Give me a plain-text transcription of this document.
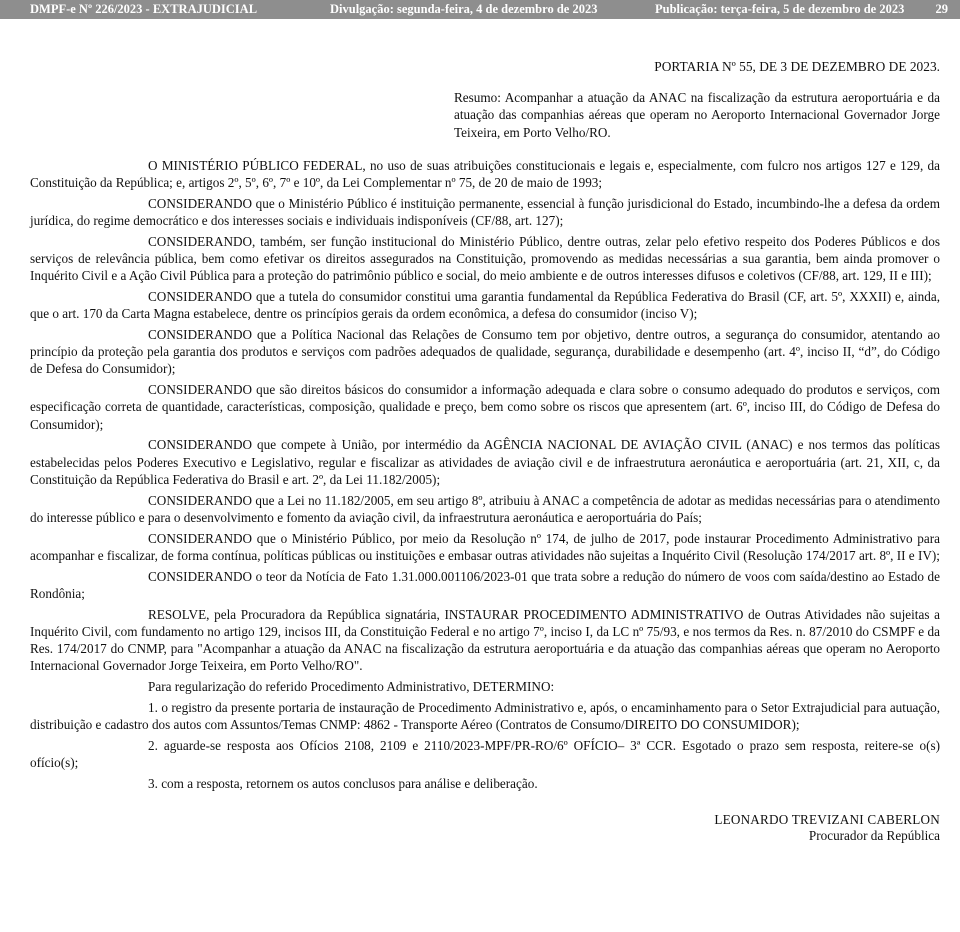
DMPF-e Nº 226/2023 - EXTRAJUDICIAL	Divulgação: segunda-feira, 4 de dezembro de 2023	Publicação: terça-feira, 5 de dezembro de 2023	29
PORTARIA Nº 55, DE 3 DE DEZEMBRO DE 2023.
Resumo: Acompanhar a atuação da ANAC na fiscalização da estrutura aeroportuária e da atuação das companhias aéreas que operam no Aeroporto Internacional Governador Jorge Teixeira, em Porto Velho/RO.

O MINISTÉRIO PÚBLICO FEDERAL, no uso de suas atribuições constitucionais e legais e, especialmente, com fulcro nos artigos 127 e 129, da Constituição da República; e, artigos 2º, 5º, 6º, 7º e 10º, da Lei Complementar nº 75, de 20 de maio de 1993;

CONSIDERANDO que o Ministério Público é instituição permanente, essencial à função jurisdicional do Estado, incumbindo-lhe a defesa da ordem jurídica, do regime democrático e dos interesses sociais e individuais indisponíveis (CF/88, art. 127);

CONSIDERANDO, também, ser função institucional do Ministério Público, dentre outras, zelar pelo efetivo respeito dos Poderes Públicos e dos serviços de relevância pública, bem como efetivar os direitos assegurados na Constituição, promovendo as medidas necessárias a sua garantia, bem ainda promover o Inquérito Civil e a Ação Civil Pública para a proteção do patrimônio público e social, do meio ambiente e de outros interesses difusos e coletivos (CF/88, art. 129, II e III);

CONSIDERANDO que a tutela do consumidor constitui uma garantia fundamental da República Federativa do Brasil (CF, art. 5º, XXXII) e, ainda, que o art. 170 da Carta Magna estabelece, dentre os princípios gerais da ordem econômica, a defesa do consumidor (inciso V);

CONSIDERANDO que a Política Nacional das Relações de Consumo tem por objetivo, dentre outros, a segurança do consumidor, atentando ao princípio da proteção pela garantia dos produtos e serviços com padrões adequados de qualidade, segurança, durabilidade e desempenho (art. 4º, inciso II, “d”, do Código de Defesa do Consumidor);

CONSIDERANDO que são direitos básicos do consumidor a informação adequada e clara sobre o consumo adequado do produtos e serviços, com especificação correta de quantidade, características, composição, qualidade e preço, bem como sobre os riscos que apresentem (art. 6º, inciso III, do Código de Defesa do Consumidor);

CONSIDERANDO que compete à União, por intermédio da AGÊNCIA NACIONAL DE AVIAÇÃO CIVIL (ANAC) e nos termos das políticas estabelecidas pelos Poderes Executivo e Legislativo, regular e fiscalizar as atividades de aviação civil e de infraestrutura aeronáutica e aeroportuária (art. 21, XII, c, da Constituição da República Federativa do Brasil e art. 2º, da Lei 11.182/2005);

CONSIDERANDO que a Lei no 11.182/2005, em seu artigo 8º, atribuiu à ANAC a competência de adotar as medidas necessárias para o atendimento do interesse público e para o desenvolvimento e fomento da aviação civil, da infraestrutura aeronáutica e aeroportuária do País;

CONSIDERANDO que o Ministério Público, por meio da Resolução nº 174, de julho de 2017, pode instaurar Procedimento Administrativo para acompanhar e fiscalizar, de forma contínua, políticas públicas ou instituições e embasar outras atividades não sujeitas a Inquérito Civil (Resolução 174/2017 art. 8º, II e IV);

CONSIDERANDO o teor da Notícia de Fato 1.31.000.001106/2023-01 que trata sobre a redução do número de voos com saída/destino ao Estado de Rondônia;

RESOLVE, pela Procuradora da República signatária, INSTAURAR PROCEDIMENTO ADMINISTRATIVO de Outras Atividades não sujeitas a Inquérito Civil, com fundamento no artigo 129, incisos III, da Constituição Federal e no artigo 7º, inciso I, da LC nº 75/93, e nos termos da Res. n. 87/2010 do CSMPF e da Res. 174/2017 do CNMP, para "Acompanhar a atuação da ANAC na fiscalização da estrutura aeroportuária e da atuação das companhias aéreas que operam no Aeroporto Internacional Governador Jorge Teixeira, em Porto Velho/RO".

Para regularização do referido Procedimento Administrativo, DETERMINO:

1. o registro da presente portaria de instauração de Procedimento Administrativo e, após, o encaminhamento para o Setor Extrajudicial para autuação, distribuição e cadastro dos autos com Assuntos/Temas CNMP: 4862 - Transporte Aéreo (Contratos de Consumo/DIREITO DO CONSUMIDOR);

2. aguarde-se resposta aos Ofícios 2108, 2109 e 2110/2023-MPF/PR-RO/6º OFÍCIO– 3ª CCR. Esgotado o prazo sem resposta, reitere-se o(s) ofício(s);

3. com a resposta, retornem os autos conclusos para análise e deliberação.

LEONARDO TREVIZANI CABERLON
Procurador da República
